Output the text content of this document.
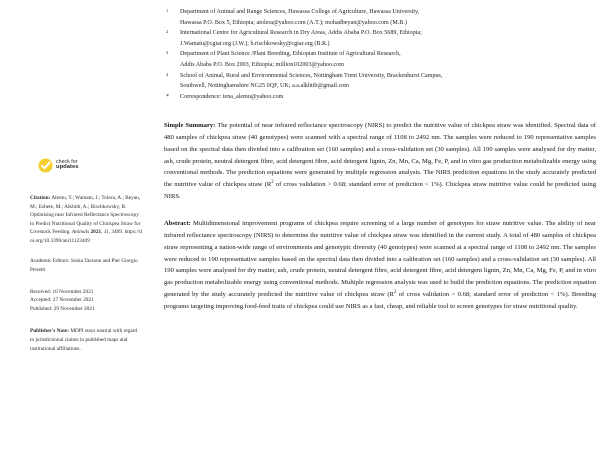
check for
updates
Citation: Alemu, T.; Wamatu, J.; Tolera, A.; Beyan, M.; Eshete, M.; Alkhtib, A.; Rischkowsky, B. Optimising near Infrared Reflectance Spectroscopy to Predict Nutritional Quality of Chickpea Straw for Livestock Feeding. Animals 2021, 11, 3409. https://doi.org/10.3390/ani11123409
Academic Editors: Sonia Tassone and Pier Giorgio Peiretti
Received: 10 November 2021
Accepted: 27 November 2021
Published: 29 November 2021
Publisher's Note: MDPI stays neutral with regard to jurisdictional claims in published maps and institutional affiliations.
1 Department of Animal and Range Sciences, Hawassa College of Agriculture, Hawassa University,
Hawassa P.O. Box 5, Ethiopia; atolera@yahoo.com (A.T.); mohadbeyan@yahoo.com (M.B.)
2 International Centre for Agricultural Research in Dry Areas, Addis Ababa P.O. Box 5689, Ethiopia;
J.Wamatu@cgiar.org (J.W.); b.rischkowsky@cgiar.org (B.R.)
3 Department of Plant Science /Plant Breeding, Ethiopian Institute of Agricultural Research,
Addis Ababa P.O. Box 2003, Ethiopia; million102003@yahoo.com
4 School of Animal, Rural and Environmental Sciences, Nottingham Trent University, Brackenhurst Campus,
Southwell, Nottinghamshire NG25 0QF, UK; a.a.alkhtib@gmail.com
* Correspondence: tena_alemu@yahoo.com

Simple Summary: The potential of near infrared reflectance spectroscopy (NIRS) to predict the nutritive value of chickpea straw was identified. Spectral data of 480 samples of chickpea straw (40 genotypes) were scanned with a spectral range of 1108 to 2492 nm. The samples were reduced to 190 representative samples based on the spectral data then divided into a calibration set (160 samples) and a cross-validation set (30 samples). All 190 samples were analysed for dry matter, ash, crude protein, neutral detergent fibre, acid detergent fibre, acid detergent lignin, Zn, Mn, Ca, Mg, Fe, P, and in vitro gas production metabolizable energy using conventional methods. The prediction equations were generated by multiple regression analysis. The NIRS prediction equations in the study accurately predicted the nutritive value of chickpea straw ($R^2$ of cross validation > 0.68; standard error of prediction < 1%). Chickpea straw nutritive value could be predicted using NIRS.

Abstract: Multidimensional improvement programs of chickpea require screening of a large number of genotypes for straw nutritive value. The ability of near infrared reflectance spectroscopy (NIRS) to determine the nutritive value of chickpea straw was identified in the current study. A total of 480 samples of chickpea straw representing a nation-wide range of environments and genotypic diversity (40 genotypes) were scanned at a spectral range of 1108 to 2492 nm. The samples were reduced to 190 representative samples based on the spectral data then divided into a calibration set (160 samples) and a cross-validation set (30 samples). All 190 samples were analysed for dry matter, ash, crude protein, neutral detergent fibre, acid detergent fibre, acid detergent lignin, Zn, Mn, Ca, Mg, Fe, P, and in vitro gas production metabolizable energy using conventional methods. Multiple regression analysis was used to build the prediction equations. The prediction equation generated by the study accurately predicted the nutritive value of chickpea straw ($R^2$ of cross validation > 0.68; standard error of prediction < 1%). Breeding programs targeting improving food-feed traits of chickpea could use NIRS as a fast, cheap, and reliable tool to screen genotypes for straw nutritional quality.
